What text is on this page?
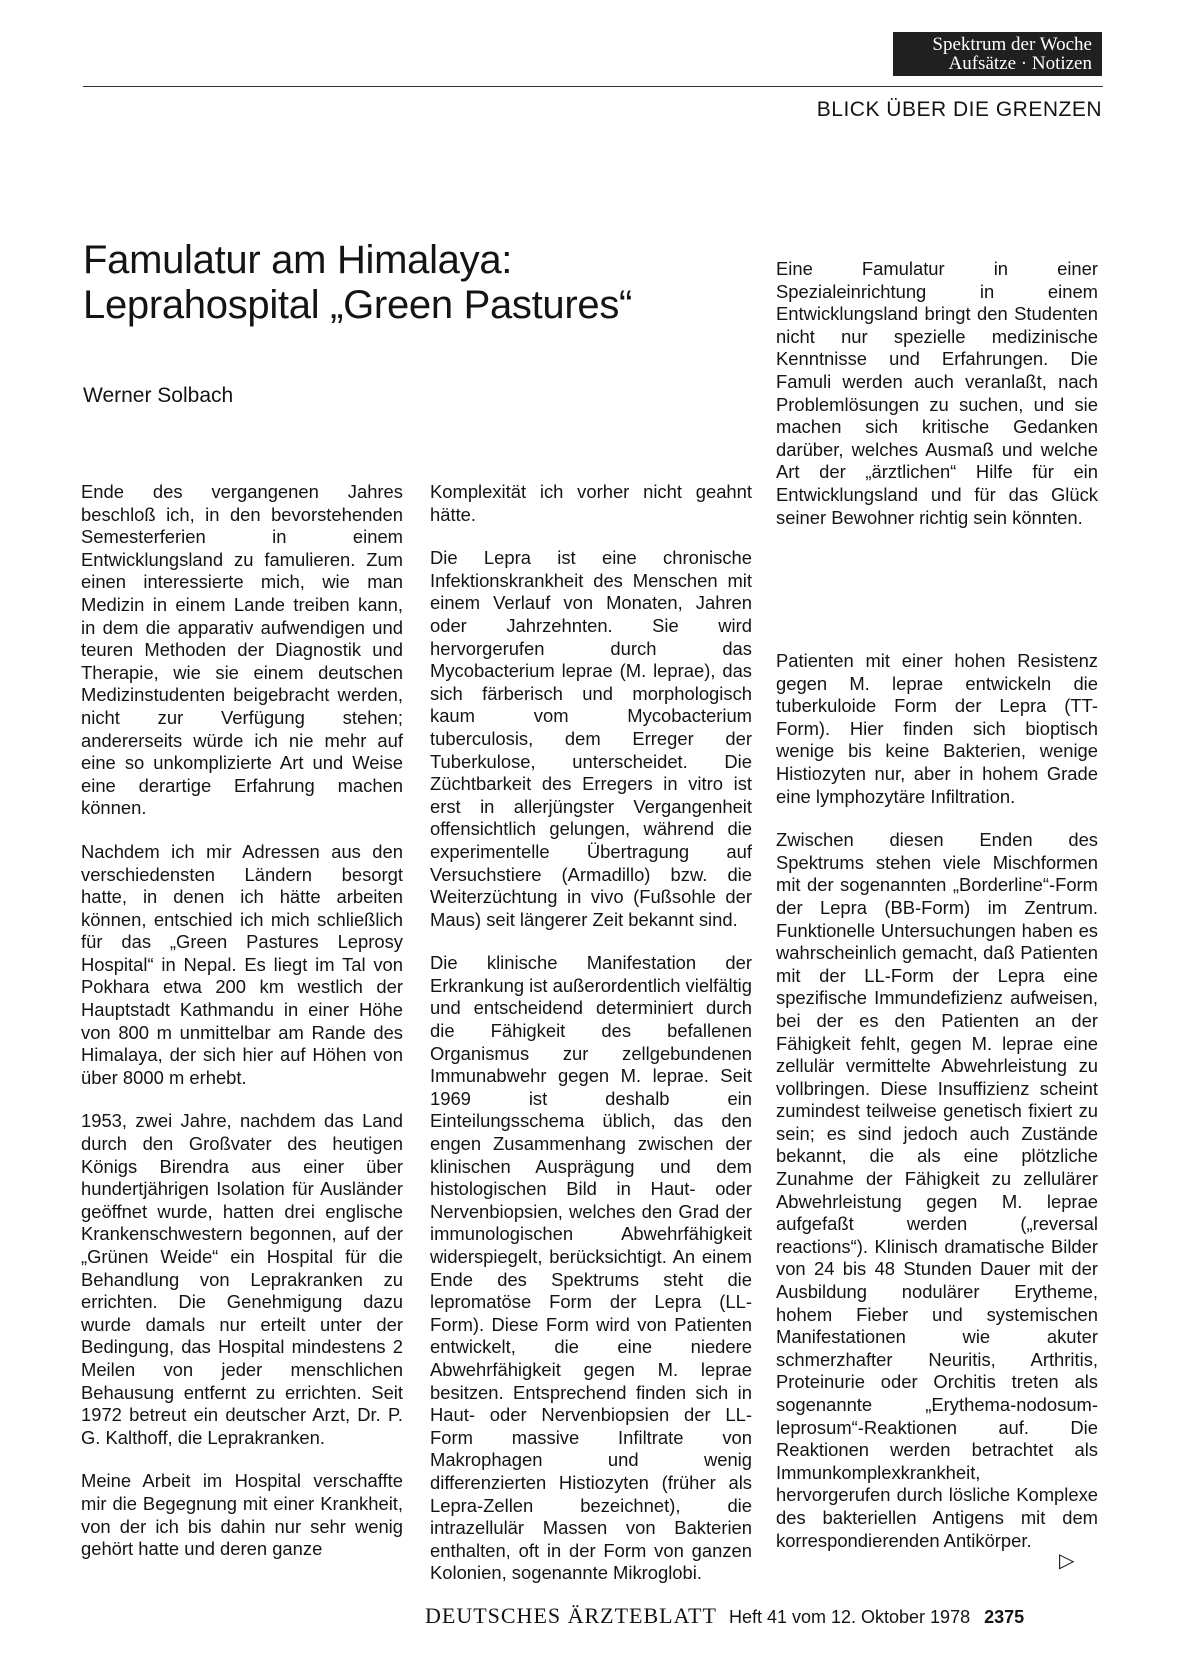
Spektrum der Woche
Aufsätze · Notizen
BLICK ÜBER DIE GRENZEN
Famulatur am Himalaya:
Leprahospital „Green Pastures“
Werner Solbach

Ende des vergangenen Jahres beschloß ich, in den bevorstehenden Semesterferien in einem Entwicklungsland zu famulieren. Zum einen interessierte mich, wie man Medizin in einem Lande treiben kann, in dem die apparativ aufwendigen und teuren Methoden der Diagnostik und Therapie, wie sie einem deutschen Medizinstudenten beigebracht werden, nicht zur Verfügung stehen; andererseits würde ich nie mehr auf eine so unkomplizierte Art und Weise eine derartige Erfahrung machen können.

Nachdem ich mir Adressen aus den verschiedensten Ländern besorgt hatte, in denen ich hätte arbeiten können, entschied ich mich schließlich für das „Green Pastures Leprosy Hospital“ in Nepal. Es liegt im Tal von Pokhara etwa 200 km westlich der Hauptstadt Kathmandu in einer Höhe von 800 m unmittelbar am Rande des Himalaya, der sich hier auf Höhen von über 8000 m erhebt.

1953, zwei Jahre, nachdem das Land durch den Großvater des heutigen Königs Birendra aus einer über hundertjährigen Isolation für Ausländer geöffnet wurde, hatten drei englische Krankenschwestern begonnen, auf der „Grünen Weide“ ein Hospital für die Behandlung von Leprakranken zu errichten. Die Genehmigung dazu wurde damals nur erteilt unter der Bedingung, das Hospital mindestens 2 Meilen von jeder menschlichen Behausung entfernt zu errichten. Seit 1972 betreut ein deutscher Arzt, Dr. P. G. Kalthoff, die Leprakranken.

Meine Arbeit im Hospital verschaffte mir die Begegnung mit einer Krankheit, von der ich bis dahin nur sehr wenig gehört hatte und deren ganze

Komplexität ich vorher nicht geahnt hätte.

Die Lepra ist eine chronische Infektionskrankheit des Menschen mit einem Verlauf von Monaten, Jahren oder Jahrzehnten. Sie wird hervorgerufen durch das Mycobacterium leprae (M. leprae), das sich färberisch und morphologisch kaum vom Mycobacterium tuberculosis, dem Erreger der Tuberkulose, unterscheidet. Die Züchtbarkeit des Erregers in vitro ist erst in allerjüngster Vergangenheit offensichtlich gelungen, während die experimentelle Übertragung auf Versuchstiere (Armadillo) bzw. die Weiterzüchtung in vivo (Fußsohle der Maus) seit längerer Zeit bekannt sind.

Die klinische Manifestation der Erkrankung ist außerordentlich vielfältig und entscheidend determiniert durch die Fähigkeit des befallenen Organismus zur zellgebundenen Immunabwehr gegen M. leprae. Seit 1969 ist deshalb ein Einteilungsschema üblich, das den engen Zusammenhang zwischen der klinischen Ausprägung und dem histologischen Bild in Haut- oder Nervenbiopsien, welches den Grad der immunologischen Abwehrfähigkeit widerspiegelt, berücksichtigt. An einem Ende des Spektrums steht die lepromatöse Form der Lepra (LL-Form). Diese Form wird von Patienten entwickelt, die eine niedere Abwehrfähigkeit gegen M. leprae besitzen. Entsprechend finden sich in Haut- oder Nervenbiopsien der LL-Form massive Infiltrate von Makrophagen und wenig differenzierten Histiozyten (früher als Lepra-Zellen bezeichnet), die intrazellulär Massen von Bakterien enthalten, oft in der Form von ganzen Kolonien, sogenannte Mikroglobi.

Eine Famulatur in einer Spezialeinrichtung in einem Entwicklungsland bringt den Studenten nicht nur spezielle medizinische Kenntnisse und Erfahrungen. Die Famuli werden auch veranlaßt, nach Problemlösungen zu suchen, und sie machen sich kritische Gedanken darüber, welches Ausmaß und welche Art der „ärztlichen“ Hilfe für ein Entwicklungsland und für das Glück seiner Bewohner richtig sein könnten.

Patienten mit einer hohen Resistenz gegen M. leprae entwickeln die tuberkuloide Form der Lepra (TT-Form). Hier finden sich bioptisch wenige bis keine Bakterien, wenige Histiozyten nur, aber in hohem Grade eine lymphozytäre Infiltration.

Zwischen diesen Enden des Spektrums stehen viele Mischformen mit der sogenannten „Borderline“-Form der Lepra (BB-Form) im Zentrum. Funktionelle Untersuchungen haben es wahrscheinlich gemacht, daß Patienten mit der LL-Form der Lepra eine spezifische Immundefizienz aufweisen, bei der es den Patienten an der Fähigkeit fehlt, gegen M. leprae eine zellulär vermittelte Abwehrleistung zu vollbringen. Diese Insuffizienz scheint zumindest teilweise genetisch fixiert zu sein; es sind jedoch auch Zustände bekannt, die als eine plötzliche Zunahme der Fähigkeit zu zellulärer Abwehrleistung gegen M. leprae aufgefaßt werden („reversal reactions“). Klinisch dramatische Bilder von 24 bis 48 Stunden Dauer mit der Ausbildung nodulärer Erytheme, hohem Fieber und systemischen Manifestationen wie akuter schmerzhafter Neuritis, Arthritis, Proteinurie oder Orchitis treten als sogenannte „Erythema-nodosum-leprosum“-Reaktionen auf. Die Reaktionen werden betrachtet als Immunkomplexkrankheit, hervorgerufen durch lösliche Komplexe des bakteriellen Antigens mit dem korrespondierenden Antikörper.

▷
DEUTSCHES ÄRZTEBLATT Heft 41 vom 12. Oktober 1978 2375
